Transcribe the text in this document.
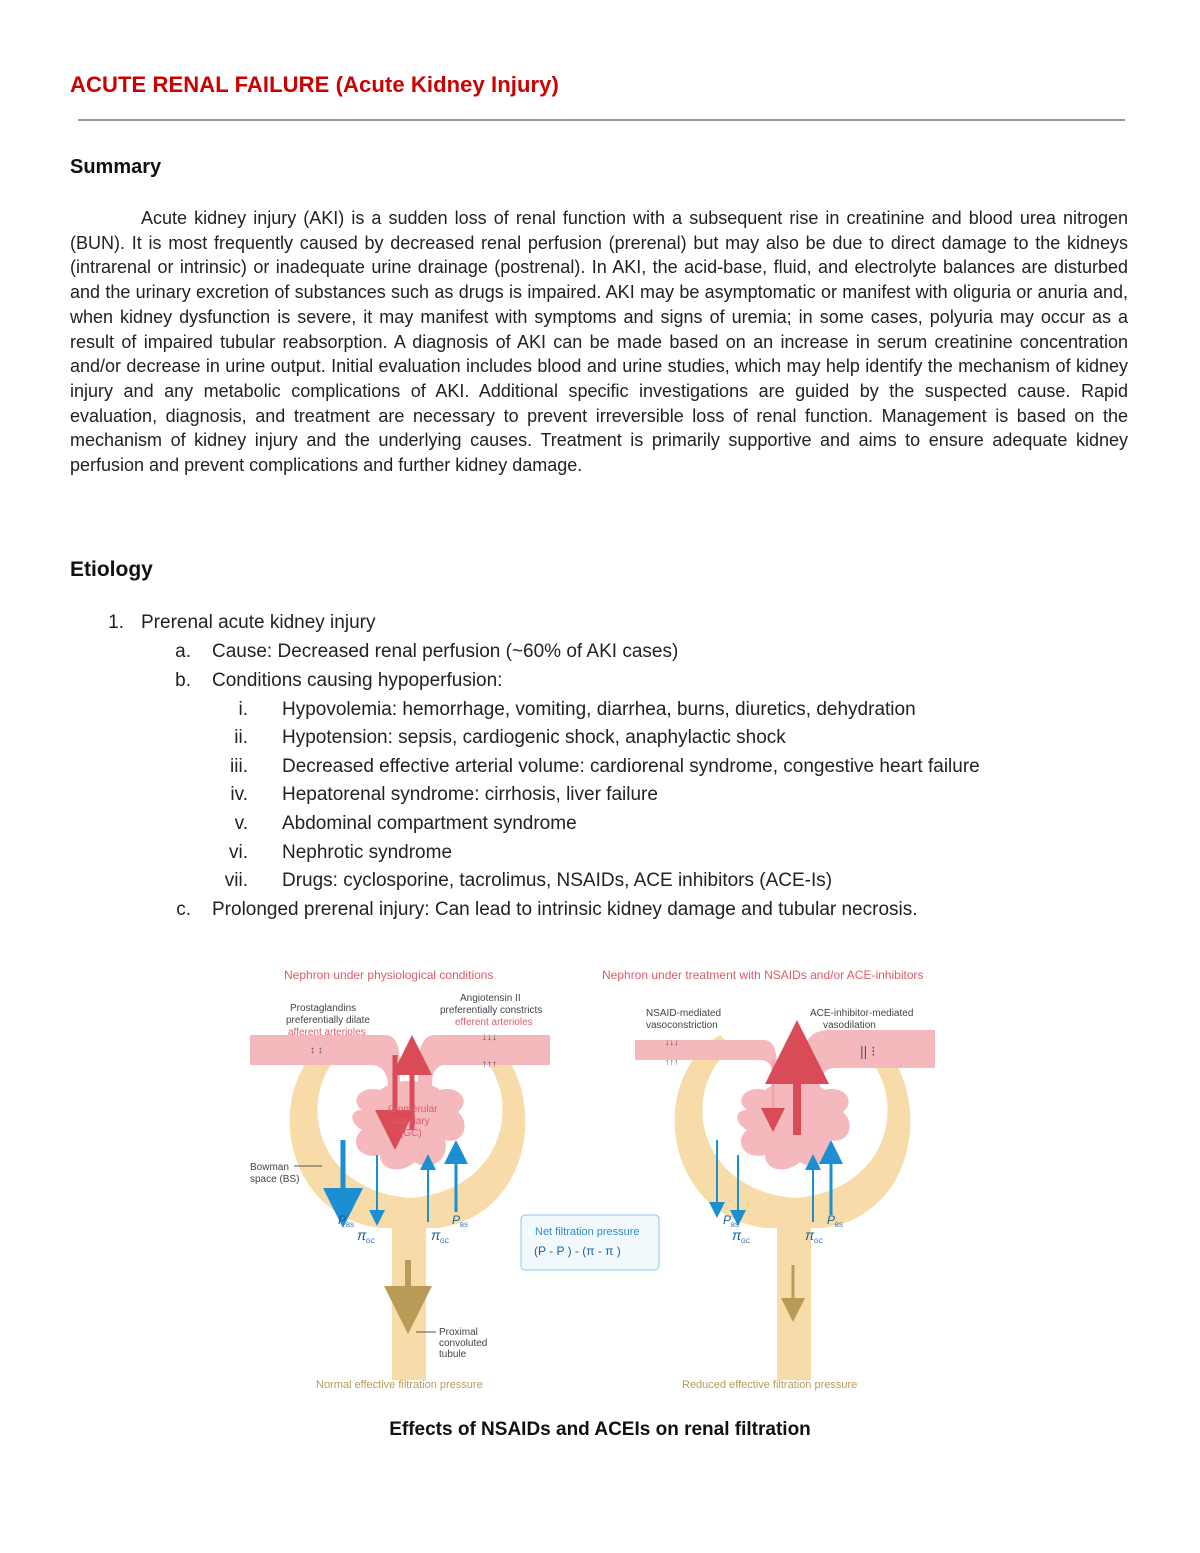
ACUTE RENAL FAILURE (Acute Kidney Injury)
Summary

Acute kidney injury (AKI) is a sudden loss of renal function with a subsequent rise in creatinine and blood urea nitrogen (BUN). It is most frequently caused by decreased renal perfusion (prerenal) but may also be due to direct damage to the kidneys (intrarenal or intrinsic) or inadequate urine drainage (postrenal). In AKI, the acid-base, fluid, and electrolyte balances are disturbed and the urinary excretion of substances such as drugs is impaired. AKI may be asymptomatic or manifest with oliguria or anuria and, when kidney dysfunction is severe, it may manifest with symptoms and signs of uremia; in some cases, polyuria may occur as a result of impaired tubular reabsorption. A diagnosis of AKI can be made based on an increase in serum creatinine concentration and/or decrease in urine output. Initial evaluation includes blood and urine studies, which may help identify the mechanism of kidney injury and any metabolic complications of AKI. Additional specific investigations are guided by the suspected cause. Rapid evaluation, diagnosis, and treatment are necessary to prevent irreversible loss of renal function. Management is based on the mechanism of kidney injury and the underlying causes. Treatment is primarily supportive and aims to ensure adequate kidney perfusion and prevent complications and further kidney damage.

Etiology
1. Prerenal acute kidney injury
a. Cause: Decreased renal perfusion (~60% of AKI cases)
b. Conditions causing hypoperfusion:
i. Hypovolemia: hemorrhage, vomiting, diarrhea, burns, diuretics, dehydration
ii. Hypotension: sepsis, cardiogenic shock, anaphylactic shock
iii. Decreased effective arterial volume: cardiorenal syndrome, congestive heart failure
iv. Hepatorenal syndrome: cirrhosis, liver failure
v. Abdominal compartment syndrome
vi. Nephrotic syndrome
vii. Drugs: cyclosporine, tacrolimus, NSAIDs, ACE inhibitors (ACE-Is)
c. Prolonged prerenal injury: Can lead to intrinsic kidney damage and tubular necrosis.
↕ ↕
↓↓↓
↑↑↑
Nephron under physiological conditions
Prostaglandins
preferentially dilate
afferent arterioles
Angiotensin II
preferentially constricts
efferent arterioles
Glomerular
capillary
(GC)
Bowman
space (BS)
Proximal
convoluted
tubule
Normal effective filtration pressure
P BS
π GC	π GC
P BS	Net filtration pressure
(P - P ) - (π - π )
↓↓↓
↑↑↑
|| ⁝
P BS
π GC	π GC
P BS
Nephron under treatment with NSAIDs and/or ACE-inhibitors
NSAID-mediated
vasoconstriction
ACE-inhibitor-mediated
vasodilation
Reduced effective filtration pressure
Effects of NSAIDs and ACEIs on renal filtration
